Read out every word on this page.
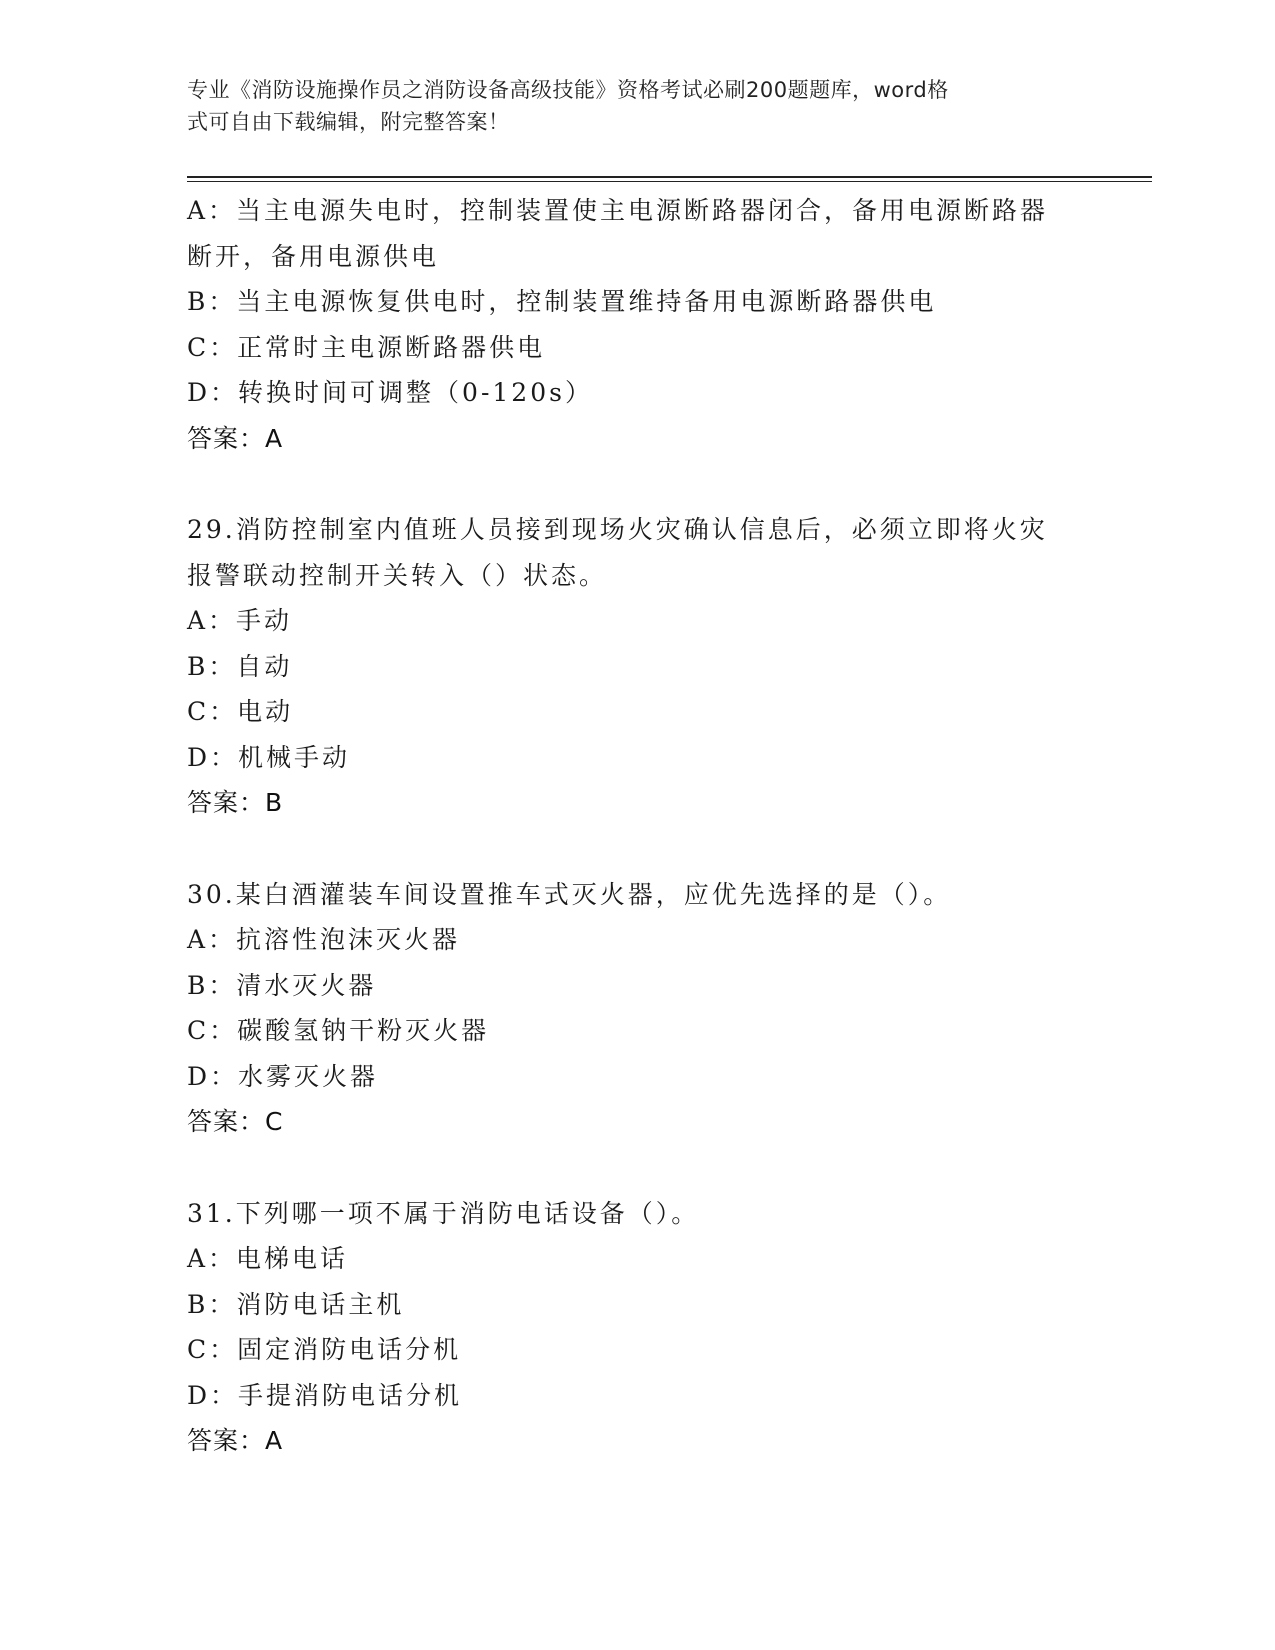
专业《消防设施操作员之消防设备高级技能》资格考试必刷200题题库，word格
式可自由下载编辑，附完整答案！
A：当主电源失电时，控制装置使主电源断路器闭合，备用电源断路器
断开，备用电源供电
B：当主电源恢复供电时，控制装置维持备用电源断路器供电
C：正常时主电源断路器供电
D：转换时间可调整（0-120s）
答案：A
29.消防控制室内值班人员接到现场火灾确认信息后，必须立即将火灾
报警联动控制开关转入（）状态。
A：手动
B：自动
C：电动
D：机械手动
答案：B
30.某白酒灌装车间设置推车式灭火器，应优先选择的是（）。
A：抗溶性泡沫灭火器
B：清水灭火器
C：碳酸氢钠干粉灭火器
D：水雾灭火器
答案：C
31.下列哪一项不属于消防电话设备（）。
A：电梯电话
B：消防电话主机
C：固定消防电话分机
D：手提消防电话分机
答案：A
